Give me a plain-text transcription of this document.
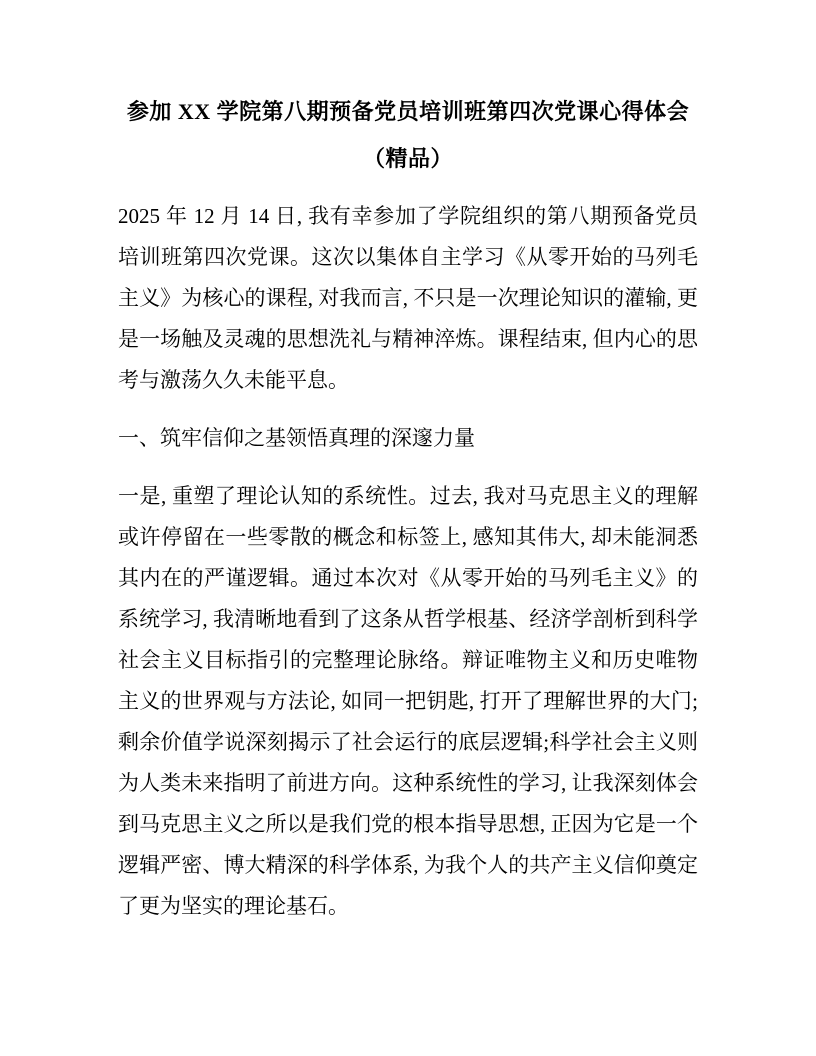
参加 XX 学院第八期预备党员培训班第四次党课心得体会（精品）

2025 年 12 月 14 日, 我有幸参加了学院组织的第八期预备党员培训班第四次党课。这次以集体自主学习《从零开始的马列毛主义》为核心的课程, 对我而言, 不只是一次理论知识的灌输, 更是一场触及灵魂的思想洗礼与精神淬炼。课程结束, 但内心的思考与激荡久久未能平息。

一、筑牢信仰之基领悟真理的深邃力量

一是, 重塑了理论认知的系统性。过去, 我对马克思主义的理解或许停留在一些零散的概念和标签上, 感知其伟大, 却未能洞悉其内在的严谨逻辑。通过本次对《从零开始的马列毛主义》的系统学习, 我清晰地看到了这条从哲学根基、经济学剖析到科学社会主义目标指引的完整理论脉络。辩证唯物主义和历史唯物主义的世界观与方法论, 如同一把钥匙, 打开了理解世界的大门;剩余价值学说深刻揭示了社会运行的底层逻辑;科学社会主义则为人类未来指明了前进方向。这种系统性的学习, 让我深刻体会到马克思主义之所以是我们党的根本指导思想, 正因为它是一个逻辑严密、博大精深的科学体系, 为我个人的共产主义信仰奠定了更为坚实的理论基石。
